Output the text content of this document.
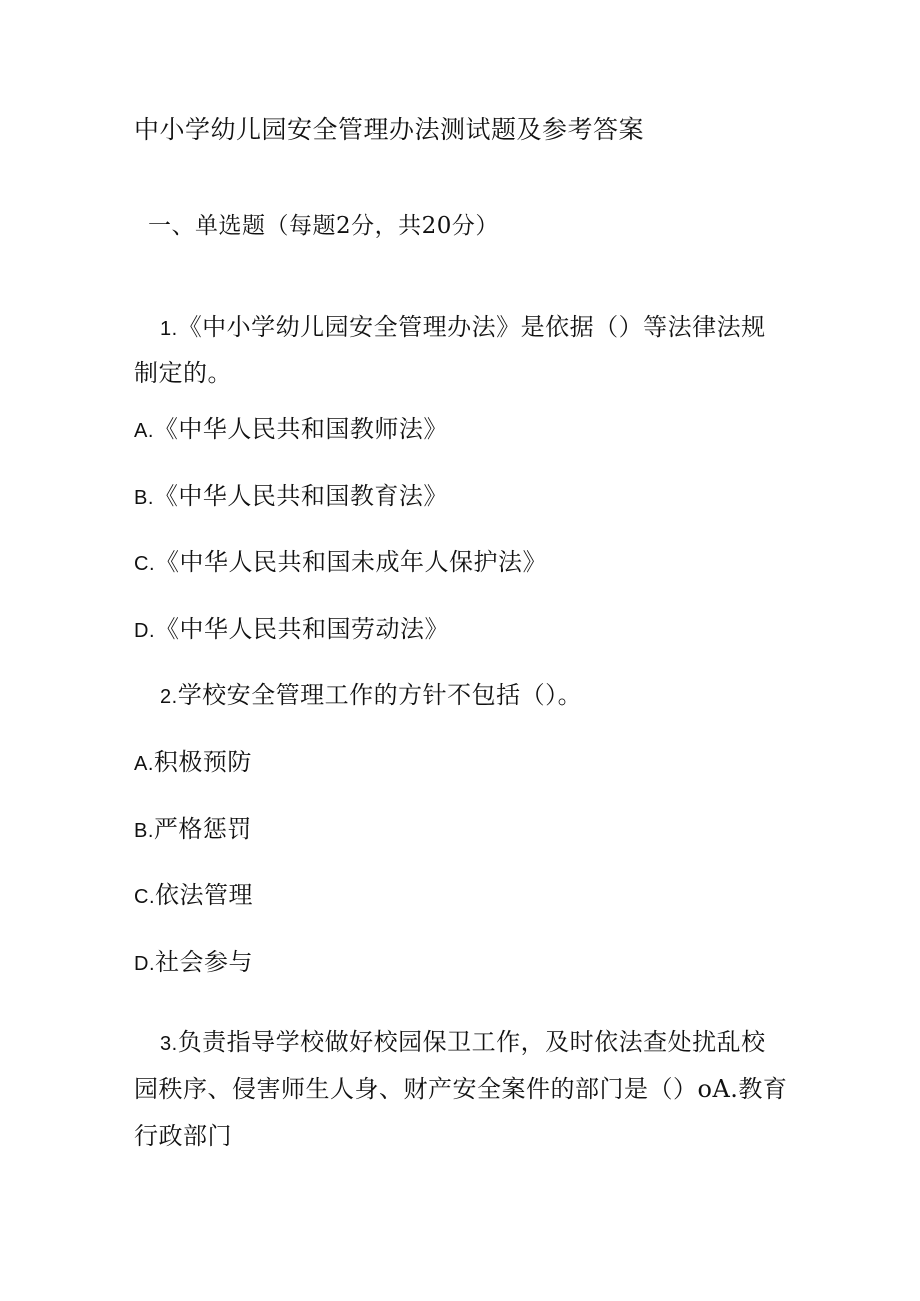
中小学幼儿园安全管理办法测试题及参考答案
一、单选题（每题2分，共20分）
1.《中小学幼儿园安全管理办法》是依据（）等法律法规
制定的。
A.《中华人民共和国教师法》
B.《中华人民共和国教育法》
C.《中华人民共和国未成年人保护法》
D.《中华人民共和国劳动法》
2.学校安全管理工作的方针不包括（）。
A.积极预防
B.严格惩罚
C.依法管理
D.社会参与
3.负责指导学校做好校园保卫工作，及时依法查处扰乱校
园秩序、侵害师生人身、财产安全案件的部门是（）oA.教育
行政部门
